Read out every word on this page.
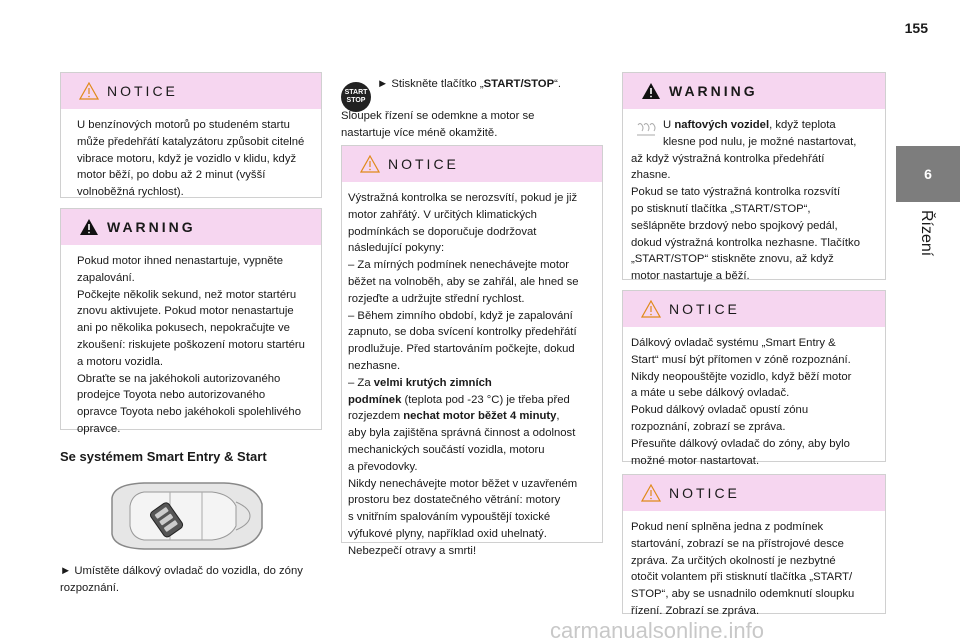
155
6
Řízení
NOTICE

U benzínových motorů po studeném startu

může předehřátí katalyzátoru způsobit citelné

vibrace motoru, když je vozidlo v klidu, když

motor běží, po dobu až 2 minut (vyšší

volnoběžná rychlost).

WARNING

Pokud motor ihned nenastartuje, vypněte

zapalování.

Počkejte několik sekund, než motor startéru

znovu aktivujete. Pokud motor nenastartuje

ani po několika pokusech, nepokračujte ve

zkoušení: riskujete poškození motoru startéru

a motoru vozidla.

Obraťte se na jakéhokoli autorizovaného

prodejce Toyota nebo autorizovaného

opravce Toyota nebo jakéhokoli spolehlivého

opravce.

Se systémem Smart Entry & Start

► Umístěte dálkový ovladač do vozidla, do zóny

rozpoznání.

START
STOP
► Stiskněte tlačítko „START/STOP“.

Sloupek řízení se odemkne a motor se

nastartuje více méně okamžitě.

NOTICE

Výstražná kontrolka se nerozsvítí, pokud je již

motor zahřátý. V určitých klimatických

podmínkách se doporučuje dodržovat

následující pokyny:

– Za mírných podmínek nenechávejte motor

běžet na volnoběh, aby se zahřál, ale hned se

rozjeďte a udržujte střední rychlost.

– Během zimního období, když je zapalování

zapnuto, se doba svícení kontrolky předehřátí

prodlužuje. Před startováním počkejte, dokud

nezhasne.

– Za velmi krutých zimních

podmínek (teplota pod -23 °C) je třeba před

rozjezdem nechat motor běžet 4 minuty,

aby byla zajištěna správná činnost a odolnost

mechanických součástí vozidla, motoru

a převodovky.

Nikdy nenechávejte motor běžet v uzavřeném

prostoru bez dostatečného větrání: motory

s vnitřním spalováním vypouštějí toxické

výfukové plyny, například oxid uhelnatý.

Nebezpečí otravy a smrti!

WARNING

U naftových vozidel, když teplota

klesne pod nulu, je možné nastartovat,

až když výstražná kontrolka předehřátí

zhasne.

Pokud se tato výstražná kontrolka rozsvítí

po stisknutí tlačítka „START/STOP“,

sešlápněte brzdový nebo spojkový pedál,

dokud výstražná kontrolka nezhasne. Tlačítko

„START/STOP“ stiskněte znovu, až když

motor nastartuje a běží.

NOTICE

Dálkový ovladač systému „Smart Entry &

Start“ musí být přítomen v zóně rozpoznání.

Nikdy neopouštějte vozidlo, když běží motor

a máte u sebe dálkový ovladač.

Pokud dálkový ovladač opustí zónu

rozpoznání, zobrazí se zpráva.

Přesuňte dálkový ovladač do zóny, aby bylo

možné motor nastartovat.

NOTICE

Pokud není splněna jedna z podmínek

startování, zobrazí se na přístrojové desce

zpráva. Za určitých okolností je nezbytné

otočit volantem při stisknutí tlačítka „START/

STOP“, aby se usnadnilo odemknutí sloupku

řízení. Zobrazí se zpráva.

carmanualsonline.info
